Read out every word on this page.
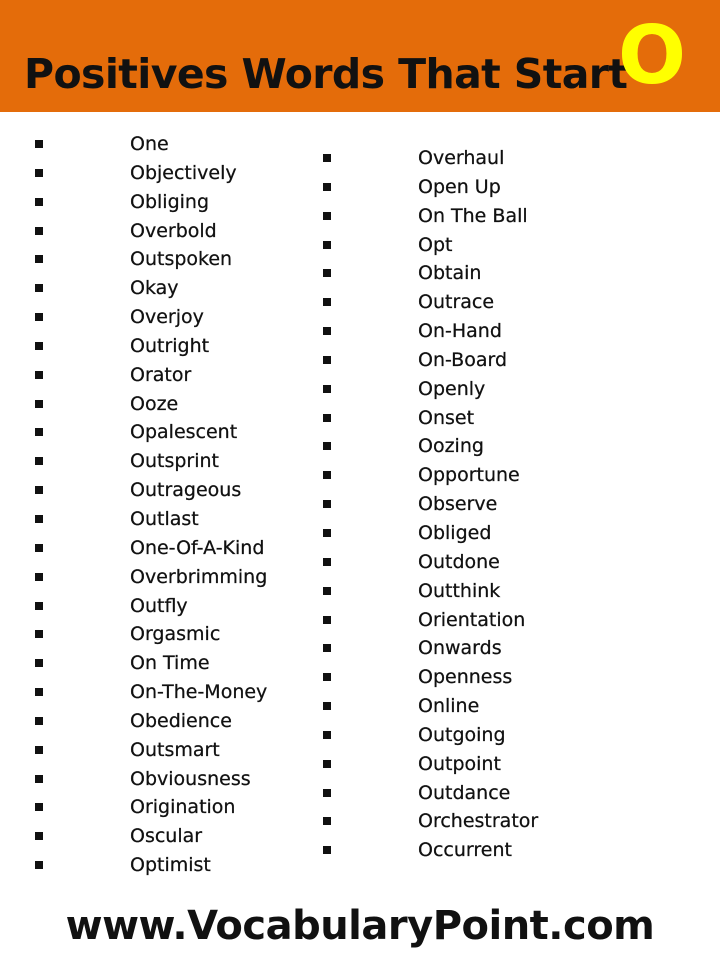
Positives Words That Start
O
One
Objectively
Obliging
Overbold
Outspoken
Okay
Overjoy
Outright
Orator
Ooze
Opalescent
Outsprint
Outrageous
Outlast
One-Of-A-Kind
Overbrimming
Outfly
Orgasmic
On Time
On-The-Money
Obedience
Outsmart
Obviousness
Origination
Oscular
Optimist
Overhaul
Open Up
On The Ball
Opt
Obtain
Outrace
On-Hand
On-Board
Openly
Onset
Oozing
Opportune
Observe
Obliged
Outdone
Outthink
Orientation
Onwards
Openness
Online
Outgoing
Outpoint
Outdance
Orchestrator
Occurrent
www.VocabularyPoint.com
